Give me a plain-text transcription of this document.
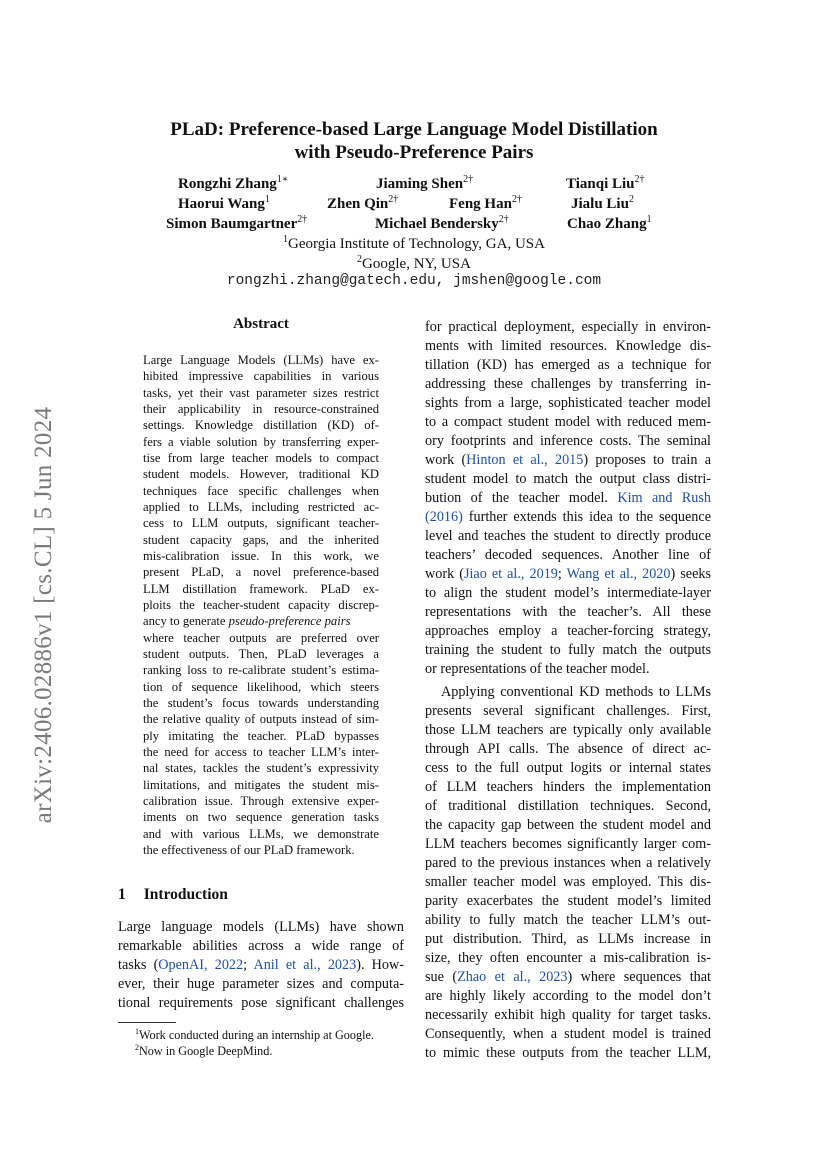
arXiv:2406.02886v1 [cs.CL] 5 Jun 2024
PLaD: Preference-based Large Language Model Distillation
with Pseudo-Preference Pairs
Rongzhi Zhang$^{1∗}$	Jiaming Shen$^{2\dagger}$	Tianqi Liu$^{2\dagger}$
Haorui Wang$^1$	Zhen Qin$^{2\dagger}$	Feng Han$^{2\dagger}$	Jialu Liu$^2$
Simon Baumgartner$^{2\dagger}$	Michael Bendersky$^{2\dagger}$	Chao Zhang$^1$
$^1$Georgia Institute of Technology, GA, USA
$^2$Google, NY, USA
rongzhi.zhang@gatech.edu, jmshen@google.com
Abstract
Large Language Models (LLMs) have ex-
hibited impressive capabilities in various
tasks, yet their vast parameter sizes restrict
their applicability in resource-constrained
settings. Knowledge distillation (KD) of-
fers a viable solution by transferring exper-
tise from large teacher models to compact
student models. However, traditional KD
techniques face specific challenges when
applied to LLMs, including restricted ac-
cess to LLM outputs, significant teacher-
student capacity gaps, and the inherited
mis-calibration issue. In this work, we
present PLaD, a novel preference-based
LLM distillation framework. PLaD ex-
ploits the teacher-student capacity discrep-
ancy to generate pseudo-preference pairs
where teacher outputs are preferred over
student outputs. Then, PLaD leverages a
ranking loss to re-calibrate student’s estima-
tion of sequence likelihood, which steers
the student’s focus towards understanding
the relative quality of outputs instead of sim-
ply imitating the teacher. PLaD bypasses
the need for access to teacher LLM’s inter-
nal states, tackles the student’s expressivity
limitations, and mitigates the student mis-
calibration issue. Through extensive exper-
iments on two sequence generation tasks
and with various LLMs, we demonstrate
the effectiveness of our PLaD framework.
1 Introduction
Large language models (LLMs) have shown
remarkable abilities across a wide range of
tasks (OpenAI, 2022; Anil et al., 2023). How-
ever, their huge parameter sizes and computa-
tional requirements pose significant challenges
$^1$Work conducted during an internship at Google.
$^2$Now in Google DeepMind.
for practical deployment, especially in environ-
ments with limited resources. Knowledge dis-
tillation (KD) has emerged as a technique for
addressing these challenges by transferring in-
sights from a large, sophisticated teacher model
to a compact student model with reduced mem-
ory footprints and inference costs. The seminal
work (Hinton et al., 2015) proposes to train a
student model to match the output class distri-
bution of the teacher model. Kim and Rush
(2016) further extends this idea to the sequence
level and teaches the student to directly produce
teachers’ decoded sequences. Another line of
work (Jiao et al., 2019; Wang et al., 2020) seeks
to align the student model’s intermediate-layer
representations with the teacher’s. All these
approaches employ a teacher-forcing strategy,
training the student to fully match the outputs
or representations of the teacher model.
Applying conventional KD methods to LLMs
presents several significant challenges. First,
those LLM teachers are typically only available
through API calls. The absence of direct ac-
cess to the full output logits or internal states
of LLM teachers hinders the implementation
of traditional distillation techniques. Second,
the capacity gap between the student model and
LLM teachers becomes significantly larger com-
pared to the previous instances when a relatively
smaller teacher model was employed. This dis-
parity exacerbates the student model’s limited
ability to fully match the teacher LLM’s out-
put distribution. Third, as LLMs increase in
size, they often encounter a mis-calibration is-
sue (Zhao et al., 2023) where sequences that
are highly likely according to the model don’t
necessarily exhibit high quality for target tasks.
Consequently, when a student model is trained
to mimic these outputs from the teacher LLM,
